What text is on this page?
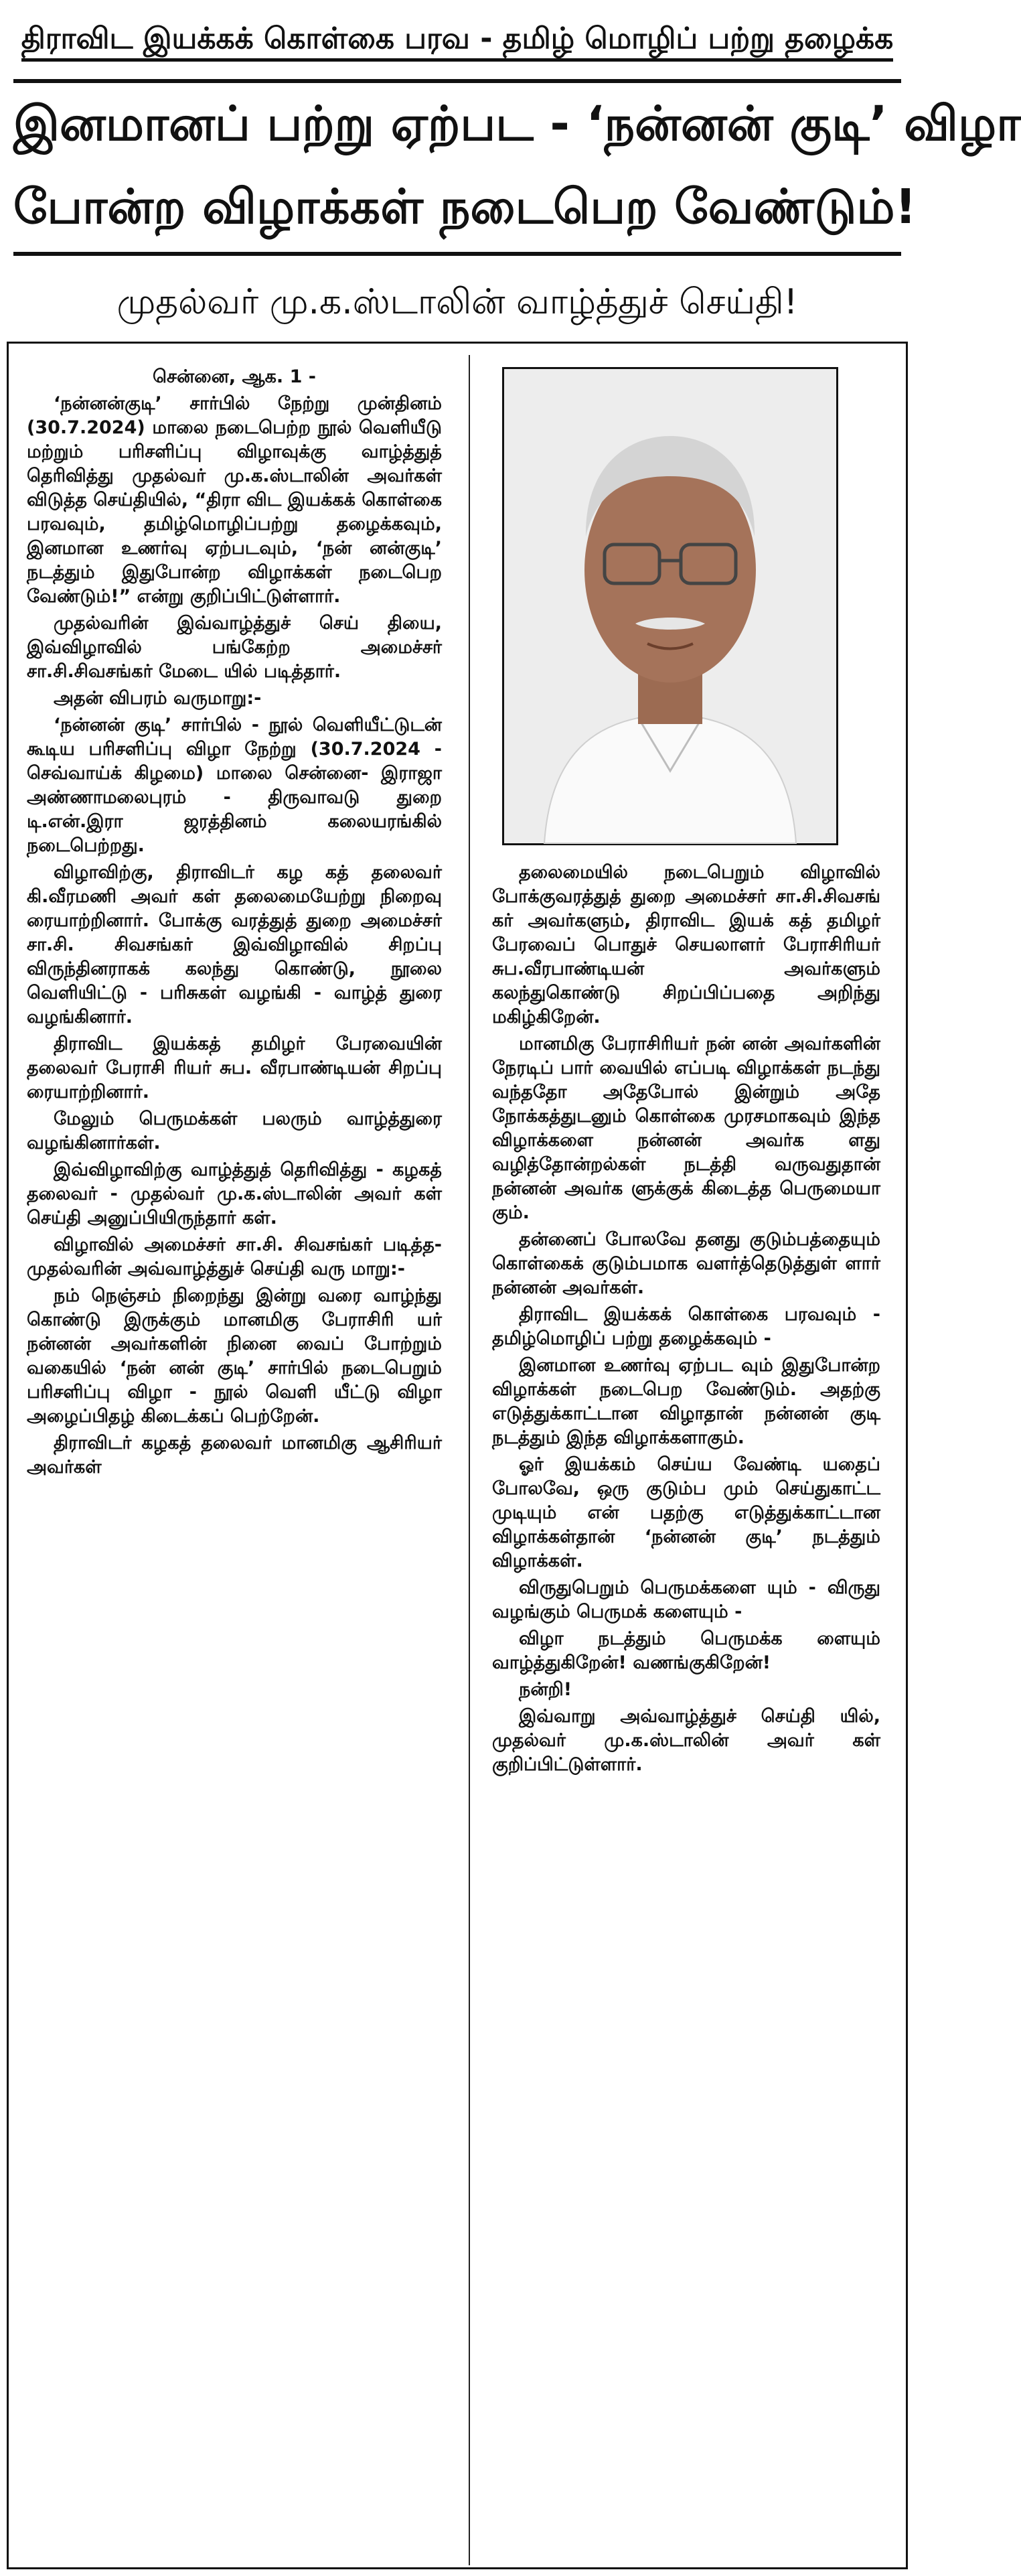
திராவிட இயக்கக் கொள்கை பரவ - தமிழ் மொழிப் பற்று தழைக்க
இனமானப் பற்று ஏற்பட - ‘நன்னன் குடி’ விழா
போன்ற விழாக்கள் நடைபெற வேண்டும்!
முதல்வர் மு.க.ஸ்டாலின் வாழ்த்துச் செய்தி!

சென்னை, ஆக. 1 -

‘நன்னன்குடி’ சார்பில் நேற்று முன்தினம் (30.7.2024) மாலை நடைபெற்ற நூல் வெளியீடு மற்றும் பரிசளிப்பு விழாவுக்கு வாழ்த்துத் தெரிவித்து முதல்வர் மு.க.ஸ்டாலின் அவர்கள் விடுத்த செய்தியில், “திரா விட இயக்கக் கொள்கை பரவவும், தமிழ்மொழிப்பற்று தழைக்கவும், இனமான உணர்வு ஏற்படவும், ‘நன் னன்குடி’ நடத்தும் இதுபோன்ற விழாக்கள் நடைபெற வேண்டும்!” என்று குறிப்பிட்டுள்ளார்.

முதல்வரின் இவ்வாழ்த்துச் செய் தியை, இவ்விழாவில் பங்கேற்ற அமைச்சர் சா.சி.சிவசங்கர் மேடை யில் படித்தார்.

அதன் விபரம் வருமாறு:-

‘நன்னன் குடி’ சார்பில் - நூல் வெளியீட்டுடன் கூடிய பரிசளிப்பு விழா நேற்று (30.7.2024 - செவ்வாய்க் கிழமை) மாலை சென்னை- இராஜா அண்ணாமலைபுரம் - திருவாவடு துறை டி.என்.இரா ஜரத்தினம் கலையரங்கில் நடைபெற்றது.

விழாவிற்கு, திராவிடர் கழ கத் தலைவர் கி.வீரமணி அவர் கள் தலைமையேற்று நிறைவு ரையாற்றினார். போக்கு வரத்துத் துறை அமைச்சர் சா.சி. சிவசங்கர் இவ்விழாவில் சிறப்பு விருந்தினராகக் கலந்து கொண்டு, நூலை வெளியிட்டு - பரிசுகள் வழங்கி - வாழ்த் துரை வழங்கினார்.

திராவிட இயக்கத் தமிழர் பேரவையின் தலைவர் பேராசி ரியர் சுப. வீரபாண்டியன் சிறப்பு ரையாற்றினார்.

மேலும் பெருமக்கள் பலரும் வாழ்த்துரை வழங்கினார்கள்.

இவ்விழாவிற்கு வாழ்த்துத் தெரிவித்து - கழகத் தலைவர் - முதல்வர் மு.க.ஸ்டாலின் அவர் கள் செய்தி அனுப்பியிருந்தார் கள்.

விழாவில் அமைச்சர் சா.சி. சிவசங்கர் படித்த- முதல்வரின் அவ்வாழ்த்துச் செய்தி வரு மாறு:-

நம் நெஞ்சம் நிறைந்து இன்று வரை வாழ்ந்து கொண்டு இருக்கும் மானமிகு பேராசிரி யர் நன்னன் அவர்களின் நினை வைப் போற்றும் வகையில் ‘நன் னன் குடி’ சார்பில் நடைபெறும் பரிசளிப்பு விழா - நூல் வெளி யீட்டு விழா அழைப்பிதழ் கிடைக்கப் பெற்றேன்.

திராவிடர் கழகத் தலைவர் மானமிகு ஆசிரியர் அவர்கள்

தலைமையில் நடைபெறும் விழாவில் போக்குவரத்துத் துறை அமைச்சர் சா.சி.சிவசங் கர் அவர்களும், திராவிட இயக் கத் தமிழர் பேரவைப் பொதுச் செயலாளர் பேராசிரியர் சுப.வீரபாண்டியன் அவர்களும் கலந்துகொண்டு சிறப்பிப்பதை அறிந்து மகிழ்கிறேன்.

மானமிகு பேராசிரியர் நன் னன் அவர்களின் நேரடிப் பார் வையில் எப்படி விழாக்கள் நடந்து வந்ததோ அதேபோல் இன்றும் அதே நோக்கத்துடனும் கொள்கை முரசமாகவும் இந்த விழாக்களை நன்னன் அவர்க ளது வழித்தோன்றல்கள் நடத்தி வருவதுதான் நன்னன் அவர்க ளுக்குக் கிடைத்த பெருமையா கும்.

தன்னைப் போலவே தனது குடும்பத்தையும் கொள்கைக் குடும்பமாக வளர்த்தெடுத்துள் ளார் நன்னன் அவர்கள்.

திராவிட இயக்கக் கொள்கை பரவவும் - தமிழ்மொழிப் பற்று தழைக்கவும் -

இனமான உணர்வு ஏற்பட வும் இதுபோன்ற விழாக்கள் நடைபெற வேண்டும். அதற்கு எடுத்துக்காட்டான விழாதான் நன்னன் குடி நடத்தும் இந்த விழாக்களாகும்.

ஓர் இயக்கம் செய்ய வேண்டி யதைப் போலவே, ஒரு குடும்ப மும் செய்துகாட்ட முடியும் என் பதற்கு எடுத்துக்காட்டான விழாக்கள்தான் ‘நன்னன் குடி’ நடத்தும் விழாக்கள்.

விருதுபெறும் பெருமக்களை யும் - விருது வழங்கும் பெருமக் களையும் -

விழா நடத்தும் பெருமக்க ளையும் வாழ்த்துகிறேன்! வணங்குகிறேன்!

நன்றி!

இவ்வாறு அவ்வாழ்த்துச் செய்தி யில், முதல்வர் மு.க.ஸ்டாலின் அவர் கள் குறிப்பிட்டுள்ளார்.
